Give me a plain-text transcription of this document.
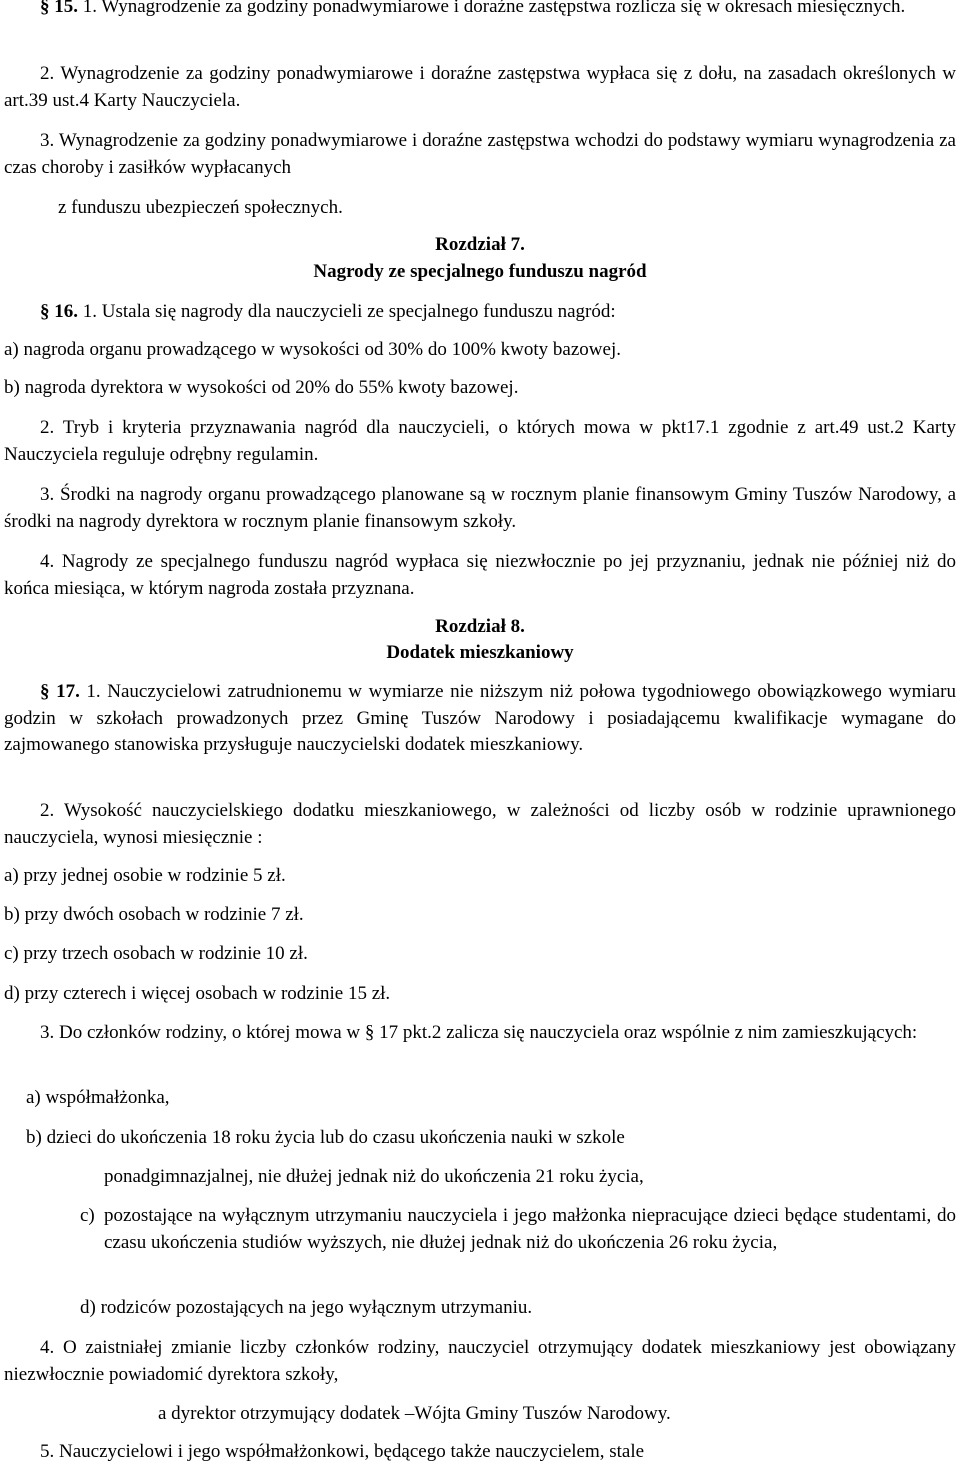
§ 15. 1. Wynagrodzenie za godziny ponadwymiarowe i doraźne zastępstwa rozlicza się w okresach miesięcznych.

2. Wynagrodzenie za godziny ponadwymiarowe i doraźne zastępstwa wypłaca się z dołu, na zasadach określonych w art.39 ust.4 Karty Nauczyciela.

3. Wynagrodzenie za godziny ponadwymiarowe i doraźne zastępstwa wchodzi do podstawy wymiaru wynagrodzenia za czas choroby i zasiłków wypłacanych

z funduszu ubezpieczeń społecznych.

Rozdział 7.

Nagrody ze specjalnego funduszu nagród

§ 16. 1. Ustala się nagrody dla nauczycieli ze specjalnego funduszu nagród:

a) nagroda organu prowadzącego w wysokości od 30% do 100% kwoty bazowej.

b) nagroda dyrektora w wysokości od 20% do 55% kwoty bazowej.

2. Tryb i kryteria przyznawania nagród dla nauczycieli, o których mowa w pkt17.1 zgodnie z art.49 ust.2 Karty Nauczyciela reguluje odrębny regulamin.

3. Środki na nagrody organu prowadzącego planowane są w rocznym planie finansowym Gminy Tuszów Narodowy, a środki na nagrody dyrektora w rocznym planie finansowym szkoły.

4. Nagrody ze specjalnego funduszu nagród wypłaca się niezwłocznie po jej przyznaniu, jednak nie później niż do końca miesiąca, w którym nagroda została przyznana.

Rozdział 8.

Dodatek mieszkaniowy

§ 17. 1. Nauczycielowi zatrudnionemu w wymiarze nie niższym niż połowa tygodniowego obowiązkowego wymiaru godzin w szkołach prowadzonych przez Gminę Tuszów Narodowy i posiadającemu kwalifikacje wymagane do zajmowanego stanowiska przysługuje nauczycielski dodatek mieszkaniowy.

2. Wysokość nauczycielskiego dodatku mieszkaniowego, w zależności od liczby osób w rodzinie uprawnionego nauczyciela, wynosi miesięcznie :

a) przy jednej osobie w rodzinie 5 zł.

b) przy dwóch osobach w rodzinie 7 zł.

c) przy trzech osobach w rodzinie 10 zł.

d) przy czterech i więcej osobach w rodzinie 15 zł.

3. Do członków rodziny, o której mowa w § 17 pkt.2 zalicza się nauczyciela oraz wspólnie z nim zamieszkujących:

a) współmałżonka,

b) dzieci do ukończenia 18 roku życia lub do czasu ukończenia nauki w szkole

ponadgimnazjalnej, nie dłużej jednak niż do ukończenia 21 roku życia,

c) pozostające na wyłącznym utrzymaniu nauczyciela i jego małżonka niepracujące dzieci będące studentami, do czasu ukończenia studiów wyższych, nie dłużej jednak niż do ukończenia 26 roku życia,

d) rodziców pozostających na jego wyłącznym utrzymaniu.

4. O zaistniałej zmianie liczby członków rodziny, nauczyciel otrzymujący dodatek mieszkaniowy jest obowiązany niezwłocznie powiadomić dyrektora szkoły,

a dyrektor otrzymujący dodatek –Wójta Gminy Tuszów Narodowy.

5. Nauczycielowi i jego współmałżonkowi, będącego także nauczycielem, stale
